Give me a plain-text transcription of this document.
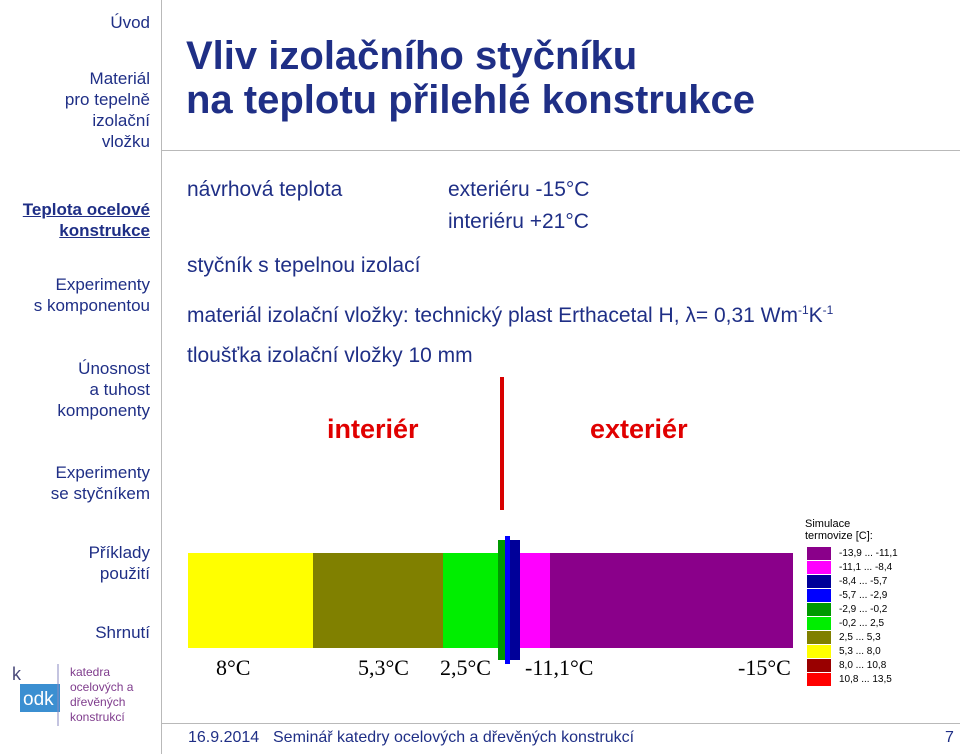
Úvod
Materiál
pro tepelně
izolační
vložku
Teplota ocelové
konstrukce
Experimenty
s komponentou
Únosnost
a tuhost
komponenty
Experimenty
se styčníkem
Příklady
použití
Shrnutí
k
odk
katedra
ocelových a
dřevěných
konstrukcí
Vliv izolačního styčníku
na teplotu přilehlé konstrukce
návrhová teplota	exteriéru -15°C
interiéru +21°C
styčník s tepelnou izolací
materiál izolační vložky: technický plast Erthacetal H, λ= 0,31 $Wm^{-1}K^{-1}$
tloušťka izolační vložky 10 mm
interiér	exteriér
8°C	5,3°C 2,5°C -11,1°C	-15°C
Simulace
termovize [C]:
-13,9 ... -11,1
-11,1 ... -8,4
-8,4 ... -5,7
-5,7 ... -2,9
-2,9 ... -0,2
-0,2 ... 2,5
2,5 ... 5,3
5,3 ... 8,0
8,0 ... 10,8
10,8 ... 13,5
16.9.2014 Seminář katedry ocelových a dřevěných konstrukcí	7
